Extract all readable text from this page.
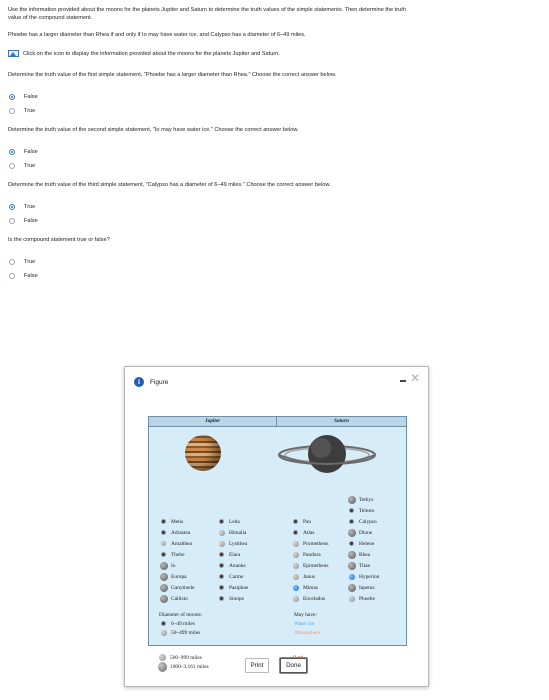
Use the information provided about the moons for the planets Jupiter and Saturn to determine the truth values of the simple statements. Then determine the truth
value of the compound statement.
Phoebe has a larger diameter than Rhea if and only if Io may have water ice, and Calypso has a diameter of 6–49 miles.
Click on the icon to display the information provided about the moons for the planets Jupiter and Saturn.
Determine the truth value of the first simple statement, "Phoebe has a larger diameter than Rhea." Choose the correct answer below.
False
True
Determine the truth value of the second simple statement, "Io may have water ice." Choose the correct answer below.
False
True
Determine the truth value of the third simple statement, "Calypso has a diameter of 6–49 miles." Choose the correct answer below.
True
False
Is the compound statement true or false?
True
False
i	Figure	✕
Jupiter	Saturn
Metis
Adrastea
Amalthea
Thebe
Io
Europa
Ganymede
Callisto
Leda
Himalia
Lysithea
Elara
Ananke
Carme
Pasiphae
Sinope
Pan
Atlas
Prometheus
Pandora
Epimetheus
Janus
Mimas
Enceladus
Tethys
Telesto
Calypso
Dione
Helene
Rhea
Titan
Hyperion
Iapetus
Phoebe
Diameter of moons:
6–49 miles
50–499 miles
May have:
Water ice
Atmosphere
500–999 miles
1000–3,161 miles	Print	Done
